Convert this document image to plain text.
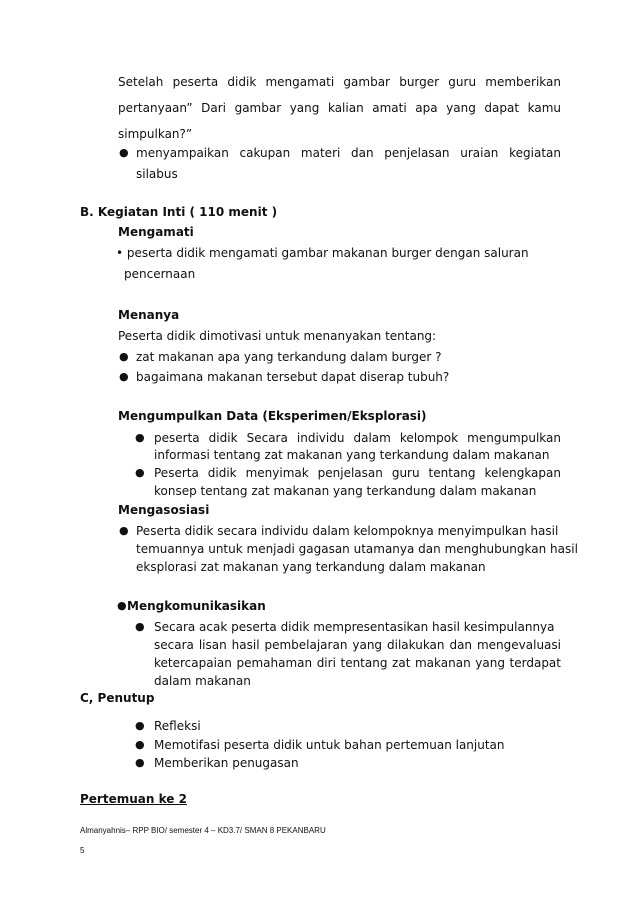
Setelah peserta didik mengamati gambar burger guru memberikan
pertanyaan” Dari gambar yang kalian amati apa yang dapat kamu
simpulkan?”
● menyampaikan cakupan materi dan penjelasan uraian kegiatan
silabus
B. Kegiatan Inti ( 110 menit )
Mengamati
• peserta didik mengamati gambar makanan burger dengan saluran
pencernaan
Menanya
Peserta didik dimotivasi untuk menanyakan tentang:
● zat makanan apa yang terkandung dalam burger ?
● bagaimana makanan tersebut dapat diserap tubuh?
Mengumpulkan Data (Eksperimen/Eksplorasi)
● peserta didik Secara individu dalam kelompok mengumpulkan
informasi tentang zat makanan yang terkandung dalam makanan
● Peserta didik menyimak penjelasan guru tentang kelengkapan
konsep tentang zat makanan yang terkandung dalam makanan
Mengasosiasi
● Peserta didik secara individu dalam kelompoknya menyimpulkan hasil
temuannya untuk menjadi gagasan utamanya dan menghubungkan hasil
eksplorasi zat makanan yang terkandung dalam makanan
● Mengkomunikasikan
● Secara acak peserta didik mempresentasikan hasil kesimpulannya
secara lisan hasil pembelajaran yang dilakukan dan mengevaluasi
ketercapaian pemahaman diri tentang zat makanan yang terdapat
dalam makanan
C, Penutup
● Refleksi
● Memotifasi peserta didik untuk bahan pertemuan lanjutan
● Memberikan penugasan
Pertemuan ke 2
Almanyahnis– RPP BIO/ semester 4 – KD3.7/ SMAN 8 PEKANBARU
5
